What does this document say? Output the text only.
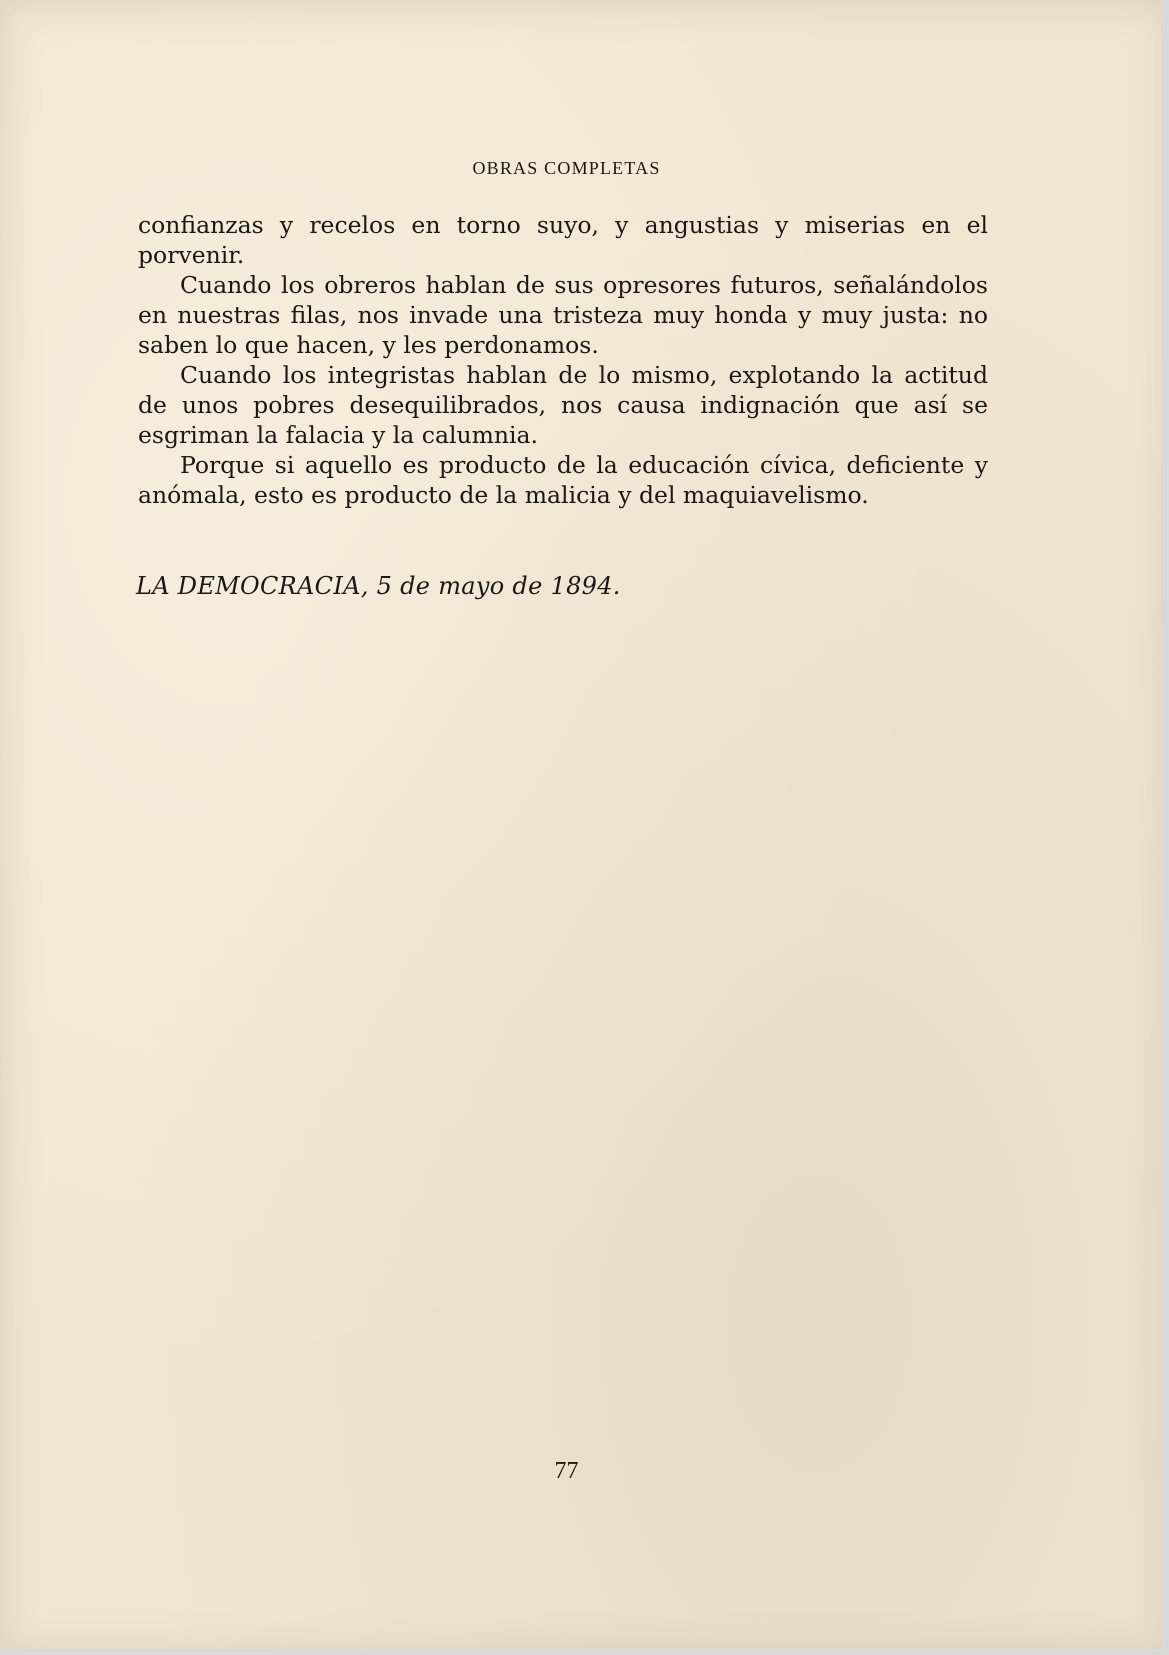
OBRAS COMPLETAS

confianzas y recelos en torno suyo, y angustias y miserias en el porvenir.

Cuando los obreros hablan de sus opresores futuros, señalándolos en nuestras filas, nos invade una tristeza muy honda y muy justa: no saben lo que hacen, y les perdonamos.

Cuando los integristas hablan de lo mismo, explotando la actitud de unos pobres desequilibrados, nos causa indignación que así se esgriman la falacia y la calumnia.

Porque si aquello es producto de la educación cívica, deficiente y anómala, esto es producto de la malicia y del maquiavelismo.

LA DEMOCRACIA, 5 de mayo de 1894.
77
